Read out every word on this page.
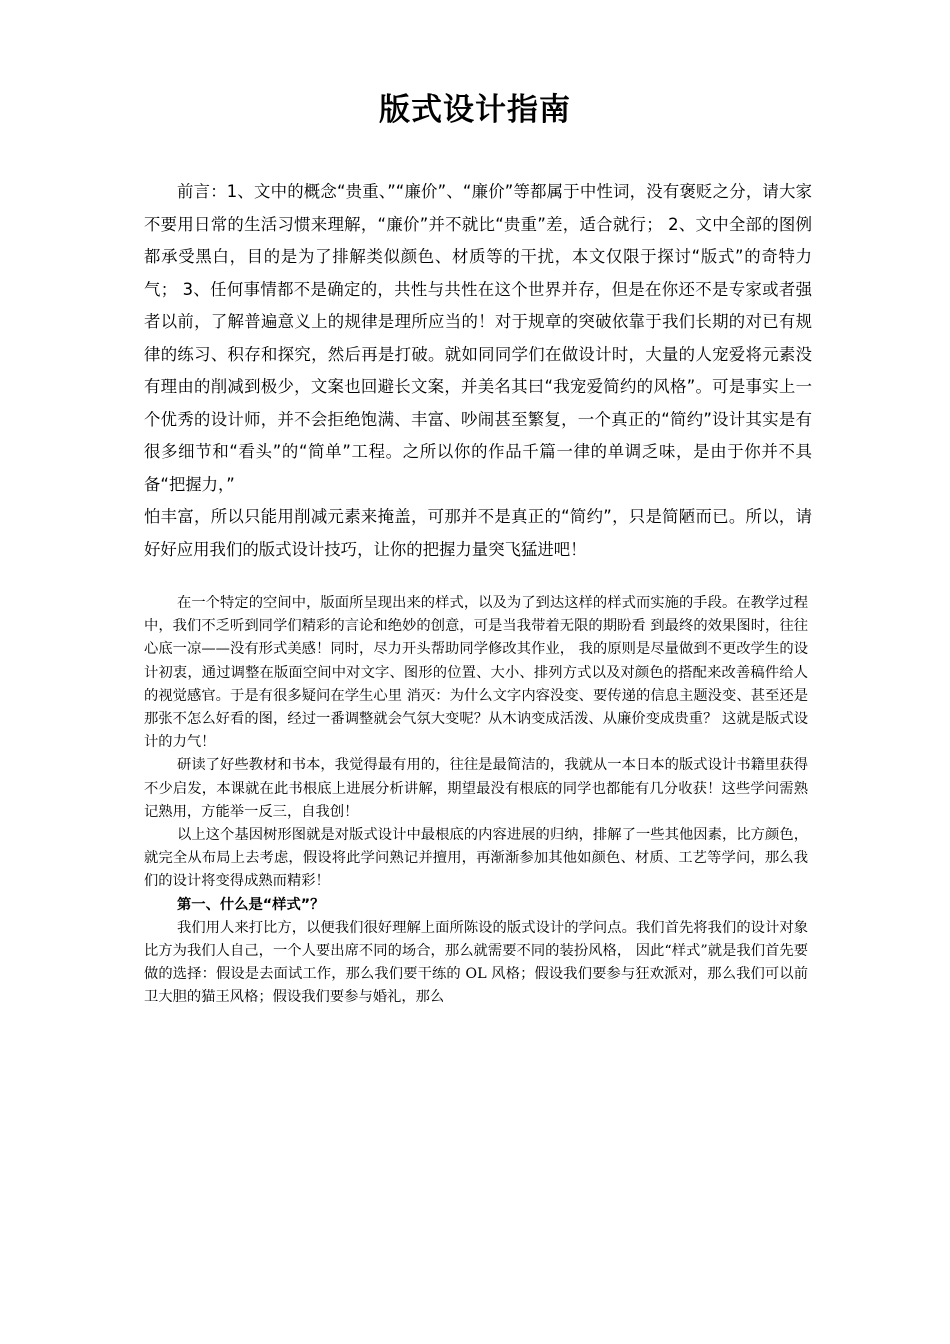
版式设计指南

前言：1、文中的概念“贵重、”“廉价”、“廉价”等都属于中性词，没有褒贬之分，请大家不要用日常的生活习惯来理解，“廉价”并不就比“贵重”差，适合就行； 2、文中全部的图例都承受黑白，目的是为了排解类似颜色、材质等的干扰，本文仅限于探讨“版式”的奇特力气； 3、任何事情都不是确定的，共性与共性在这个世界并存，但是在你还不是专家或者强者以前，了解普遍意义上的规律是理所应当的！对于规章的突破依靠于我们长期的对已有规律的练习、积存和探究，然后再是打破。就如同同学们在做设计时，大量的人宠爱将元素没有理由的削减到极少，文案也回避长文案，并美名其曰“我宠爱简约的风格”。可是事实上一个优秀的设计师，并不会拒绝饱满、丰富、吵闹甚至繁复，一个真正的“简约”设计其实是有很多细节和“看头”的“简单”工程。之所以你的作品千篇一律的单调乏味，是由于你并不具备“把握力，”

怕丰富，所以只能用削减元素来掩盖，可那并不是真正的“简约”，只是简陋而已。所以，请好好应用我们的版式设计技巧，让你的把握力量突飞猛进吧！

在一个特定的空间中，版面所呈现出来的样式，以及为了到达这样的样式而实施的手段。在教学过程中，我们不乏听到同学们精彩的言论和绝妙的创意，可是当我带着无限的期盼看 到最终的效果图时，往往心底一凉——没有形式美感！同时，尽力开头帮助同学修改其作业， 我的原则是尽量做到不更改学生的设计初衷，通过调整在版面空间中对文字、图形的位置、大小、排列方式以及对颜色的搭配来改善稿件给人的视觉感官。于是有很多疑问在学生心里 消灭：为什么文字内容没变、要传递的信息主题没变、甚至还是那张不怎么好看的图，经过一番调整就会气氛大变呢？从木讷变成活泼、从廉价变成贵重？ 这就是版式设计的力气！

研读了好些教材和书本，我觉得最有用的，往往是最简洁的，我就从一本日本的版式设计书籍里获得不少启发，本课就在此书根底上进展分析讲解，期望最没有根底的同学也都能有几分收获！这些学问需熟记熟用，方能举一反三，自我创！

以上这个基因树形图就是对版式设计中最根底的内容进展的归纳，排解了一些其他因素，比方颜色，就完全从布局上去考虑，假设将此学问熟记并擅用，再渐渐参加其他如颜色、材质、工艺等学问，那么我们的设计将变得成熟而精彩！

第一、什么是“样式”？

我们用人来打比方，以便我们很好理解上面所陈设的版式设计的学问点。我们首先将我们的设计对象比方为我们人自己，一个人要出席不同的场合，那么就需要不同的装扮风格， 因此“样式”就是我们首先要做的选择：假设是去面试工作，那么我们要干练的 OL 风格；假设我们要参与狂欢派对，那么我们可以前卫大胆的猫王风格；假设我们要参与婚礼，那么
